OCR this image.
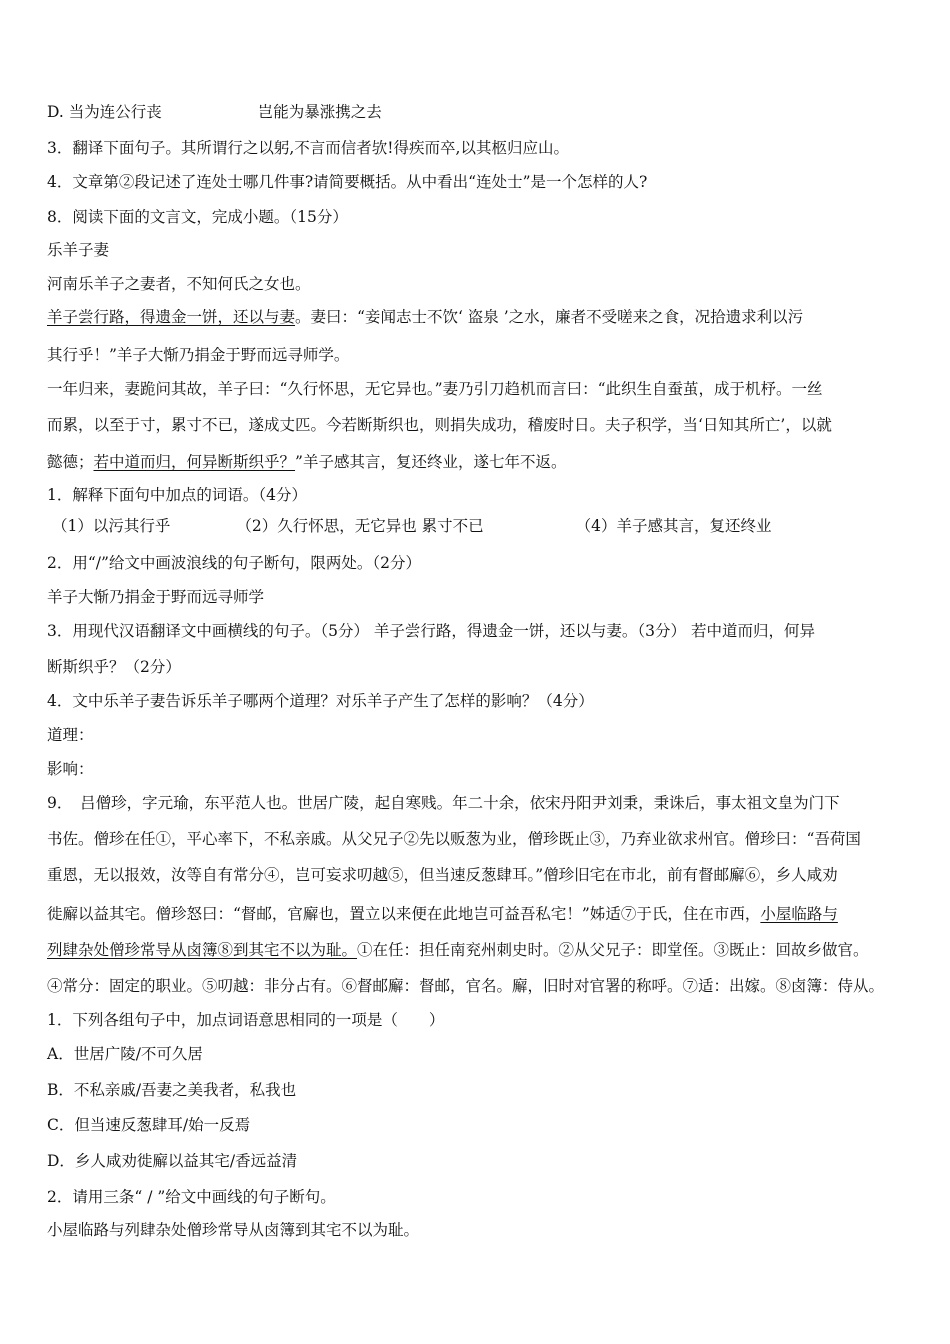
D. 当为连公行丧	岂能为暴涨携之去
3．翻译下面句子。其所谓行之以躬,不言而信者欤!得疾而卒,以其柩归应山。
4．文章第②段记述了连处士哪几件事?请简要概括。从中看出“连处士”是一个怎样的人?
8．阅读下面的文言文，完成小题。（15分）
乐羊子妻
河南乐羊子之妻者，不知何氏之女也。
羊子尝行路，得遗金一饼，还以与妻。妻曰：“妾闻志士不饮‘ 盗泉 ’之水，廉者不受嗟来之食，况拾遗求利以污
其行乎！”羊子大惭乃捐金于野而远寻师学。
一年归来，妻跪问其故，羊子曰：“久行怀思，无它异也。”妻乃引刀趋机而言曰：“此织生自蚕茧，成于机杼。一丝
而累，以至于寸，累寸不已，遂成丈匹。今若断斯织也，则捐失成功，稽废时日。夫子积学，当‘日知其所亡’，以就
懿德；若中道而归，何异断斯织乎？”羊子感其言，复还终业，遂七年不返。
1．解释下面句中加点的词语。（4分）
（1）以污其行乎	（2）久行怀思，无它异也 累寸不已	（4）羊子感其言，复还终业
2．用“/”给文中画波浪线的句子断句，限两处。（2分）
羊子大惭乃捐金于野而远寻师学
3．用现代汉语翻译文中画横线的句子。（5分） 羊子尝行路，得遗金一饼，还以与妻。（3分） 若中道而归，何异
断斯织乎？（2分）
4．文中乐羊子妻告诉乐羊子哪两个道理？对乐羊子产生了怎样的影响？（4分）
道理：
影响：
9．　吕僧珍，字元瑜，东平范人也。世居广陵，起自寒贱。年二十余，依宋丹阳尹刘秉，秉诛后，事太祖文皇为门下
书佐。僧珍在任①，平心率下，不私亲戚。从父兄子②先以贩葱为业，僧珍既止③，乃弃业欲求州官。僧珍曰：“吾荷国
重恩，无以报效，汝等自有常分④，岂可妄求叨越⑤，但当速反葱肆耳。”僧珍旧宅在市北，前有督邮廨⑥，乡人咸劝
徙廨以益其宅。僧珍怒曰：“督邮，官廨也，置立以来便在此地岂可益吾私宅！”姊适⑦于氏，住在市西，小屋临路与
列肆杂处僧珍常导从卤簿⑧到其宅不以为耻。①在任：担任南兖州刺史时。②从父兄子：即堂侄。③既止：回故乡做官。
④常分：固定的职业。⑤叨越：非分占有。⑥督邮廨：督邮，官名。廨，旧时对官署的称呼。⑦适：出嫁。⑧卤簿：侍从。
1．下列各组句子中，加点词语意思相同的一项是（　　）
A．世居广陵/不可久居
B．不私亲戚/吾妻之美我者，私我也
C．但当速反葱肆耳/始一反焉
D．乡人咸劝徙廨以益其宅/香远益清
2．请用三条“ / ”给文中画线的句子断句。
小屋临路与列肆杂处僧珍常导从卤簿到其宅不以为耻。
